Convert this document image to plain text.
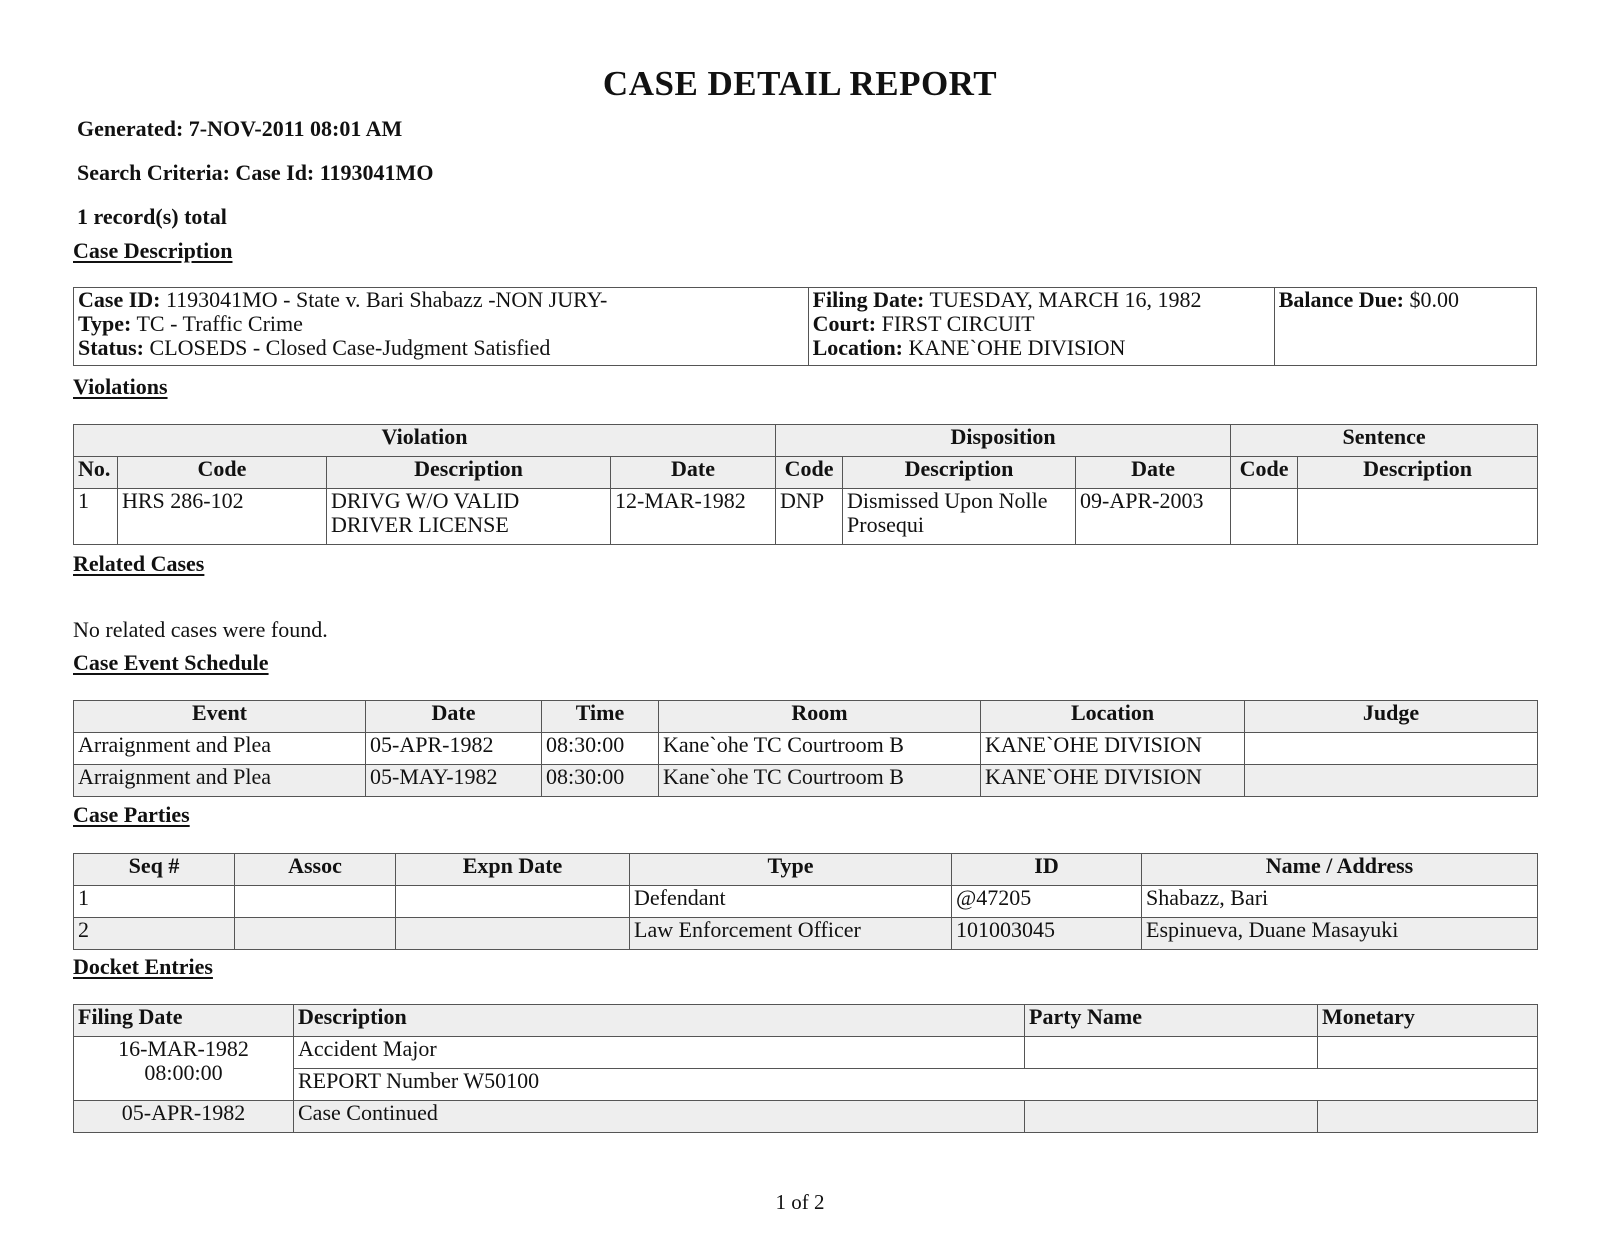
CASE DETAIL REPORT
Generated: 7-NOV-2011 08:01 AM
Search Criteria: Case Id: 1193041MO
1 record(s) total
Case Description
Case ID: 1193041MO - State v. Bari Shabazz -NON JURY-
Type: TC - Traffic Crime
Status: CLOSEDS - Closed Case-Judgment Satisfied

Filing Date: TUESDAY, MARCH 16, 1982
Court: FIRST CIRCUIT
Location: KANE`OHE DIVISION

Balance Due: $0.00
Violations
Violation				Disposition			Sentence	
No.	Code	Description	Date	Code	Description	Date	Code	Description
1	HRS 286-102	DRIVG W/O VALID DRIVER LICENSE	12-MAR-1982	DNP	Dismissed Upon Nolle Prosequi	09-APR-2003		
Related Cases
No related cases were found.
Case Event Schedule
Event	Date	Time	Room	Location	Judge
Arraignment and Plea	05-APR-1982	08:30:00	Kane`ohe TC Courtroom B	KANE`OHE DIVISION	
Arraignment and Plea	05-MAY-1982	08:30:00	Kane`ohe TC Courtroom B	KANE`OHE DIVISION	
Case Parties
Seq #	Assoc	Expn Date	Type	ID	Name / Address
1			Defendant	@47205	Shabazz, Bari
2			Law Enforcement Officer	101003045	Espinueva, Duane Masayuki
Docket Entries
Filing Date	Description	Party Name	Monetary

16-MAR-1982
08:00:00	Accident Major		
	REPORT Number W50100		
05-APR-1982	Case Continued		
1 of 2
